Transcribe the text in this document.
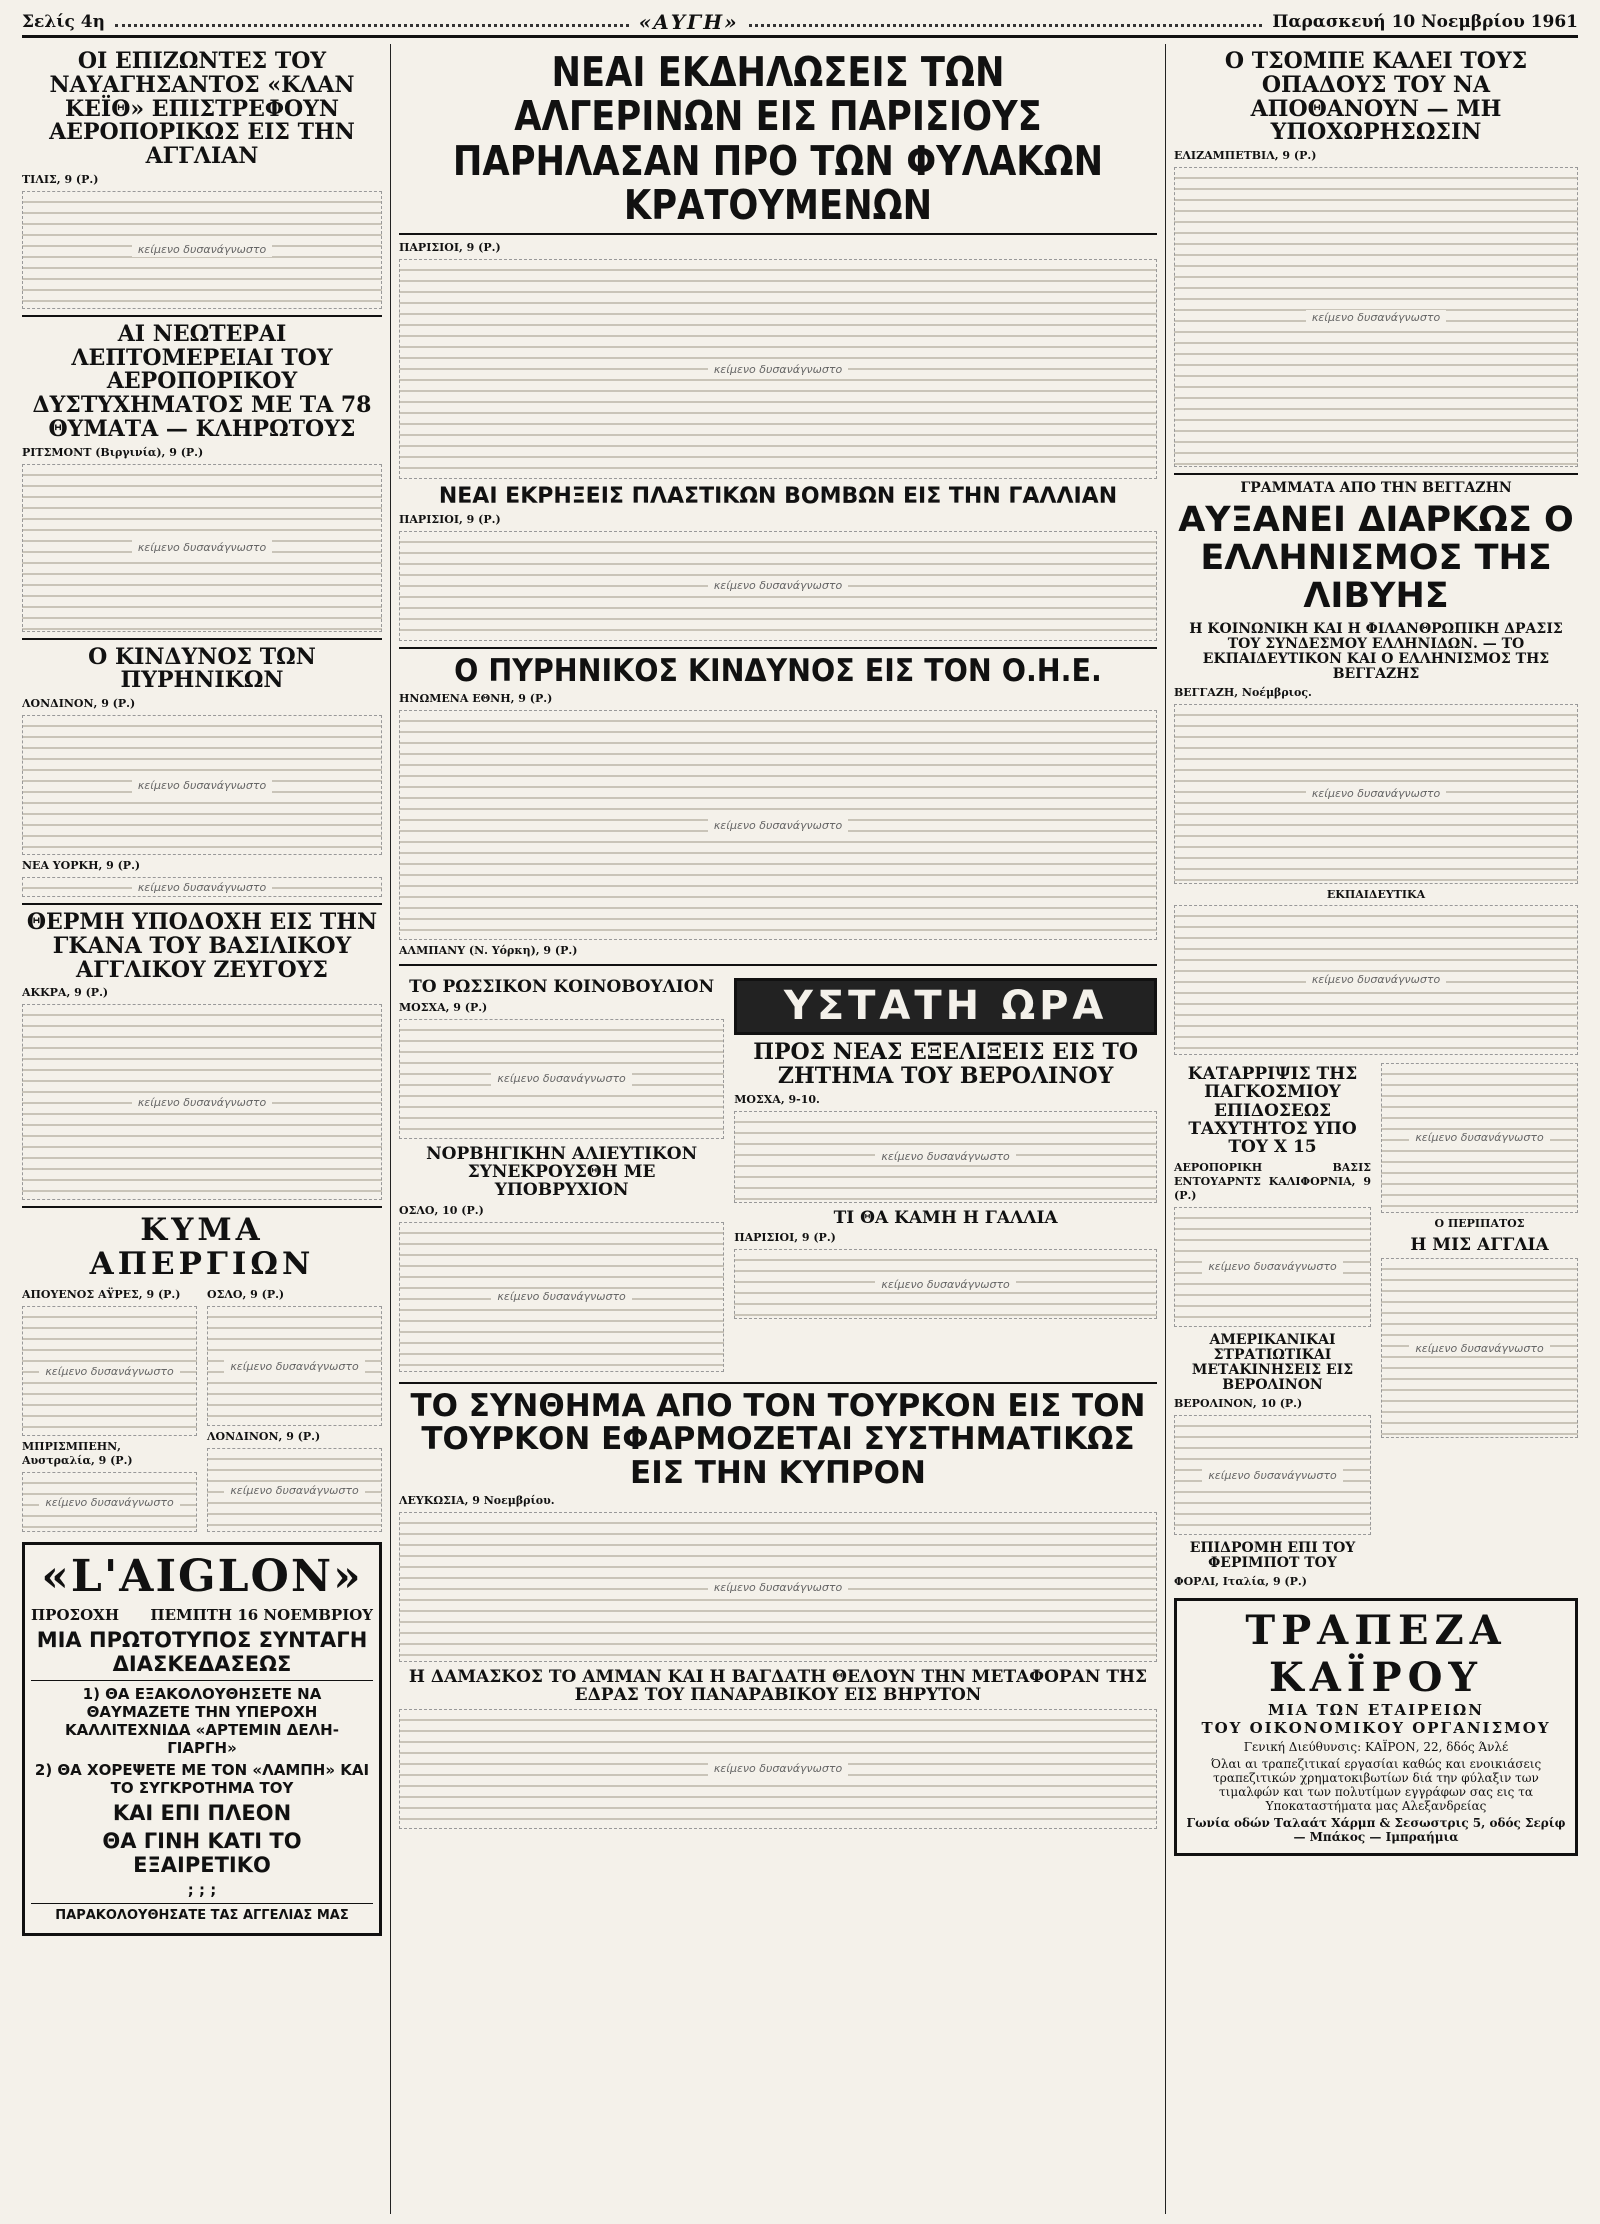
Σελίς 4η	«ΑΥΓΗ»	Παρασκευή 10 Νοεμβρίου 1961
ΟΙ ΕΠΙΖΩΝΤΕΣ ΤΟΥ ΝΑΥΑΓΗΣΑΝΤΟΣ «ΚΛΑΝ ΚΕΪΘ» ΕΠΙΣΤΡΕΦΟΥΝ ΑΕΡΟΠΟΡΙΚΩΣ ΕΙΣ ΤΗΝ ΑΓΓΛΙΑΝ
ΤΙΛΙΣ, 9 (Ρ.)
κείμενο δυσανάγνωστο
ΑΙ ΝΕΩΤΕΡΑΙ ΛΕΠΤΟΜΕΡΕΙΑΙ ΤΟΥ ΑΕΡΟΠΟΡΙΚΟΥ ΔΥΣΤΥΧΗΜΑΤΟΣ ΜΕ ΤΑ 78 ΘΥΜΑΤΑ — ΚΛΗΡΩΤΟΥΣ
ΡΙΤΣΜΟΝΤ (Βιργινία), 9 (Ρ.)
κείμενο δυσανάγνωστο
Ο ΚΙΝΔΥΝΟΣ ΤΩΝ ΠΥΡΗΝΙΚΩΝ
ΛΟΝΔΙΝΟΝ, 9 (Ρ.)
κείμενο δυσανάγνωστο
ΝΕΑ ΥΟΡΚΗ, 9 (Ρ.)
κείμενο δυσανάγνωστο
ΘΕΡΜΗ ΥΠΟΔΟΧΗ ΕΙΣ ΤΗΝ ΓΚΑΝΑ ΤΟΥ ΒΑΣΙΛΙΚΟΥ ΑΓΓΛΙΚΟΥ ΖΕΥΓΟΥΣ
ΑΚΚΡΑ, 9 (Ρ.)
κείμενο δυσανάγνωστο
ΚΥΜΑ ΑΠΕΡΓΙΩΝ
ΑΠΟΥΕΝΟΣ ΑΫΡΕΣ, 9 (Ρ.)
κείμενο δυσανάγνωστο
ΜΠΡΙΣΜΠΕΗΝ, Αυστραλία, 9 (Ρ.)
κείμενο δυσανάγνωστο
ΟΣΛΟ, 9 (Ρ.)
κείμενο δυσανάγνωστο
ΛΟΝΔΙΝΟΝ, 9 (Ρ.)
κείμενο δυσανάγνωστο
«L'AIGLON»
ΠΡΟΣΟΧΗ ΠΕΜΠΤΗ 16 ΝΟΕΜΒΡΙΟΥ
ΜΙΑ ΠΡΩΤΟΤΥΠΟΣ ΣΥΝΤΑΓΗ ΔΙΑΣΚΕΔΑΣΕΩΣ
1) ΘΑ ΕΞΑΚΟΛΟΥΘΗΣΕΤΕ ΝΑ ΘΑΥΜΑΖΕΤΕ ΤΗΝ ΥΠΕΡΟΧΗ ΚΑΛΛΙΤΕΧΝΙΔΑ «ΑΡΤΕΜΙΝ ΔΕΛΗ-ΓΙΑΡΓΗ»
2) ΘΑ ΧΟΡΕΨΕΤΕ ΜΕ ΤΟΝ «ΛΑΜΠΗ» ΚΑΙ ΤΟ ΣΥΓΚΡΟΤΗΜΑ ΤΟΥ
ΚΑΙ ΕΠΙ ΠΛΕΟΝ
ΘΑ ΓΙΝΗ ΚΑΤΙ ΤΟ ΕΞΑΙΡΕΤΙΚΟ
; ; ;
ΠΑΡΑΚΟΛΟΥΘΗΣΑΤΕ ΤΑΣ ΑΓΓΕΛΙΑΣ ΜΑΣ
ΝΕΑΙ ΕΚΔΗΛΩΣΕΙΣ ΤΩΝ ΑΛΓΕΡΙΝΩΝ ΕΙΣ ΠΑΡΙΣΙΟΥΣ ΠΑΡΗΛΑΣΑΝ ΠΡΟ ΤΩΝ ΦΥΛΑΚΩΝ ΚΡΑΤΟΥΜΕΝΩΝ
ΠΑΡΙΣΙΟΙ, 9 (Ρ.)
κείμενο δυσανάγνωστο
ΝΕΑΙ ΕΚΡΗΞΕΙΣ ΠΛΑΣΤΙΚΩΝ ΒΟΜΒΩΝ ΕΙΣ ΤΗΝ ΓΑΛΛΙΑΝ
ΠΑΡΙΣΙΟΙ, 9 (Ρ.)
κείμενο δυσανάγνωστο
Ο ΠΥΡΗΝΙΚΟΣ ΚΙΝΔΥΝΟΣ ΕΙΣ ΤΟΝ Ο.Η.Ε.
ΗΝΩΜΕΝΑ ΕΘΝΗ, 9 (Ρ.)
κείμενο δυσανάγνωστο
ΑΛΜΠΑΝΥ (Ν. Υόρκη), 9 (Ρ.)
ΤΟ ΡΩΣΣΙΚΟΝ ΚΟΙΝΟΒΟΥΛΙΟΝ
ΜΟΣΧΑ, 9 (Ρ.)
κείμενο δυσανάγνωστο
ΝΟΡΒΗΓΙΚΗΝ ΑΛΙΕΥΤΙΚΟΝ ΣΥΝΕΚΡΟΥΣΘΗ ΜΕ ΥΠΟΒΡΥΧΙΟΝ
ΟΣΛΟ, 10 (Ρ.)
κείμενο δυσανάγνωστο
ΥΣΤΑΤΗ ΩΡΑ
ΠΡΟΣ ΝΕΑΣ ΕΞΕΛΙΞΕΙΣ ΕΙΣ ΤΟ ΖΗΤΗΜΑ ΤΟΥ ΒΕΡΟΛΙΝΟΥ
ΜΟΣΧΑ, 9-10.
κείμενο δυσανάγνωστο
ΤΙ ΘΑ ΚΑΜΗ Η ΓΑΛΛΙΑ
ΠΑΡΙΣΙΟΙ, 9 (Ρ.)
κείμενο δυσανάγνωστο
ΤΟ ΣΥΝΘΗΜΑ ΑΠΟ ΤΟΝ ΤΟΥΡΚΟΝ ΕΙΣ ΤΟΝ ΤΟΥΡΚΟΝ ΕΦΑΡΜΟΖΕΤΑΙ ΣΥΣΤΗΜΑΤΙΚΩΣ ΕΙΣ ΤΗΝ ΚΥΠΡΟΝ
ΛΕΥΚΩΣΙΑ, 9 Νοεμβρίου.
κείμενο δυσανάγνωστο
Η ΔΑΜΑΣΚΟΣ ΤΟ ΑΜΜΑΝ ΚΑΙ Η ΒΑΓΔΑΤΗ ΘΕΛΟΥΝ ΤΗΝ ΜΕΤΑΦΟΡΑΝ ΤΗΣ ΕΔΡΑΣ ΤΟΥ ΠΑΝΑΡΑΒΙΚΟΥ ΕΙΣ ΒΗΡΥΤΟΝ
κείμενο δυσανάγνωστο
Ο ΤΣΟΜΠΕ ΚΑΛΕΙ ΤΟΥΣ ΟΠΑΔΟΥΣ ΤΟΥ ΝΑ ΑΠΟΘΑΝΟΥΝ — ΜΗ ΥΠΟΧΩΡΗΣΩΣΙΝ
ΕΛΙΖΑΜΠΕΤΒΙΛ, 9 (Ρ.)
κείμενο δυσανάγνωστο
ΓΡΑΜΜΑΤΑ ΑΠΟ ΤΗΝ ΒΕΓΓΑΖΗΝ
ΑΥΞΑΝΕΙ ΔΙΑΡΚΩΣ Ο ΕΛΛΗΝΙΣΜΟΣ ΤΗΣ ΛΙΒΥΗΣ
Η ΚΟΙΝΩΝΙΚΗ ΚΑΙ Η ΦΙΛΑΝΘΡΩΠΙΚΗ ΔΡΑΣΙΣ ΤΟΥ ΣΥΝΔΕΣΜΟΥ ΕΛΛΗΝΙΔΩΝ. — ΤΟ ΕΚΠΑΙΔΕΥΤΙΚΟΝ ΚΑΙ Ο ΕΛΛΗΝΙΣΜΟΣ ΤΗΣ ΒΕΓΓΑΖΗΣ
ΒΕΓΓΑΖΗ, Νοέμβριος.
κείμενο δυσανάγνωστο
ΕΚΠΑΙΔΕΥΤΙΚΑ
κείμενο δυσανάγνωστο
ΚΑΤΑΡΡΙΨΙΣ ΤΗΣ ΠΑΓΚΟΣΜΙΟΥ ΕΠΙΔΟΣΕΩΣ ΤΑΧΥΤΗΤΟΣ ΥΠΟ ΤΟΥ Χ 15
ΑΕΡΟΠΟΡΙΚΗ ΒΑΣΙΣ ΕΝΤΟΥΑΡΝΤΣ ΚΑΛΙΦΟΡΝΙΑ, 9 (Ρ.)
κείμενο δυσανάγνωστο
ΑΜΕΡΙΚΑΝΙΚΑΙ ΣΤΡΑΤΙΩΤΙΚΑΙ ΜΕΤΑΚΙΝΗΣΕΙΣ ΕΙΣ ΒΕΡΟΛΙΝΟΝ
ΒΕΡΟΛΙΝΟΝ, 10 (Ρ.)
κείμενο δυσανάγνωστο
ΕΠΙΔΡΟΜΗ ΕΠΙ ΤΟΥ ΦΕΡΙΜΠΟΤ ΤΟΥ
ΦΟΡΛΙ, Ιταλία, 9 (Ρ.)
κείμενο δυσανάγνωστο
Ο ΠΕΡΙΠΑΤΟΣ
Η ΜΙΣ ΑΓΓΛΙΑ
κείμενο δυσανάγνωστο
ΤΡΑΠΕΖΑ ΚΑΪΡΟΥ
ΜΙΑ ΤΩΝ ΕΤΑΙΡΕΙΩΝ
ΤΟΥ ΟΙΚΟΝΟΜΙΚΟΥ ΟΡΓΑΝΙΣΜΟΥ
Γενική Διεύθυνσις: ΚΑΪΡΟΝ, 22, δδός Άνλέ
Όλαι αι τραπεζιτικαί εργασίαι καθώς και ενοικιάσεις τραπεζιτικών χρηματοκιβωτίων διά την φύλαξιν των τιμαλφών και των πολυτίμων εγγράφων σας εις τα Υποκαταστήματα μας Αλεξανδρείας
Γωνία οδών Ταλαάτ Χάρμπ & Σεσωστρις 5, οδός Σερίφ — Μπάκος — Ιμπραήμια
